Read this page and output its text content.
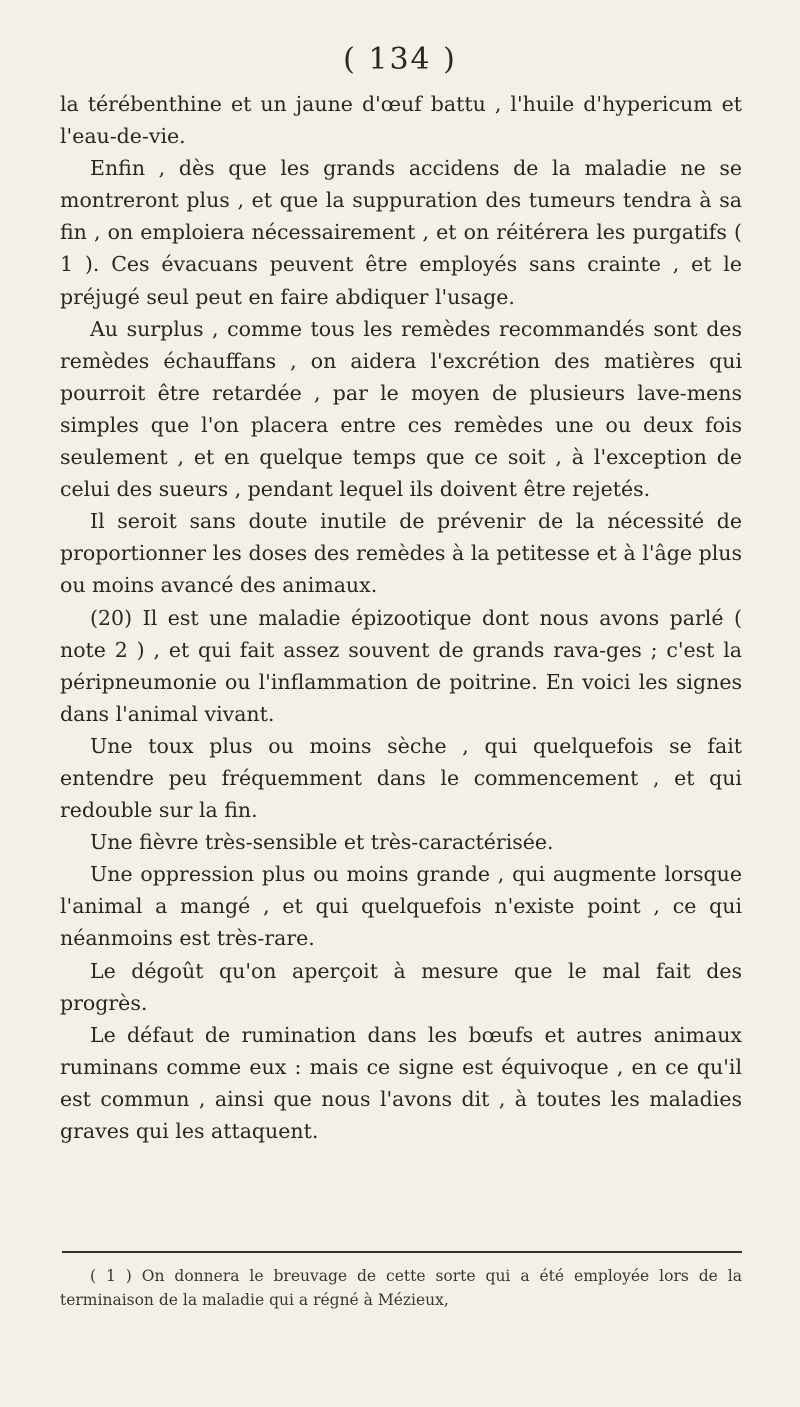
( 134 )

la térébenthine et un jaune d'œuf battu , l'huile d'hypericum et l'eau-de-vie.

Enfin , dès que les grands accidens de la maladie ne se montreront plus , et que la suppuration des tumeurs tendra à sa fin , on emploiera nécessairement , et on réitérera les purgatifs ( 1 ). Ces évacuans peuvent être employés sans crainte , et le préjugé seul peut en faire abdiquer l'usage.

Au surplus , comme tous les remèdes recommandés sont des remèdes échauffans , on aidera l'excrétion des matières qui pourroit être retardée , par le moyen de plusieurs lave-mens simples que l'on placera entre ces remèdes une ou deux fois seulement , et en quelque temps que ce soit , à l'exception de celui des sueurs , pendant lequel ils doivent être rejetés.

Il seroit sans doute inutile de prévenir de la nécessité de proportionner les doses des remèdes à la petitesse et à l'âge plus ou moins avancé des animaux.

(20) Il est une maladie épizootique dont nous avons parlé ( note 2 ) , et qui fait assez souvent de grands rava-ges ; c'est la péripneumonie ou l'inflammation de poitrine. En voici les signes dans l'animal vivant.

Une toux plus ou moins sèche , qui quelquefois se fait entendre peu fréquemment dans le commencement , et qui redouble sur la fin.

Une fièvre très-sensible et très-caractérisée.

Une oppression plus ou moins grande , qui augmente lorsque l'animal a mangé , et qui quelquefois n'existe point , ce qui néanmoins est très-rare.

Le dégoût qu'on aperçoit à mesure que le mal fait des progrès.

Le défaut de rumination dans les bœufs et autres animaux ruminans comme eux : mais ce signe est équivoque , en ce qu'il est commun , ainsi que nous l'avons dit , à toutes les maladies graves qui les attaquent.

( 1 ) On donnera le breuvage de cette sorte qui a été employée lors de la terminaison de la maladie qui a régné à Mézieux,
